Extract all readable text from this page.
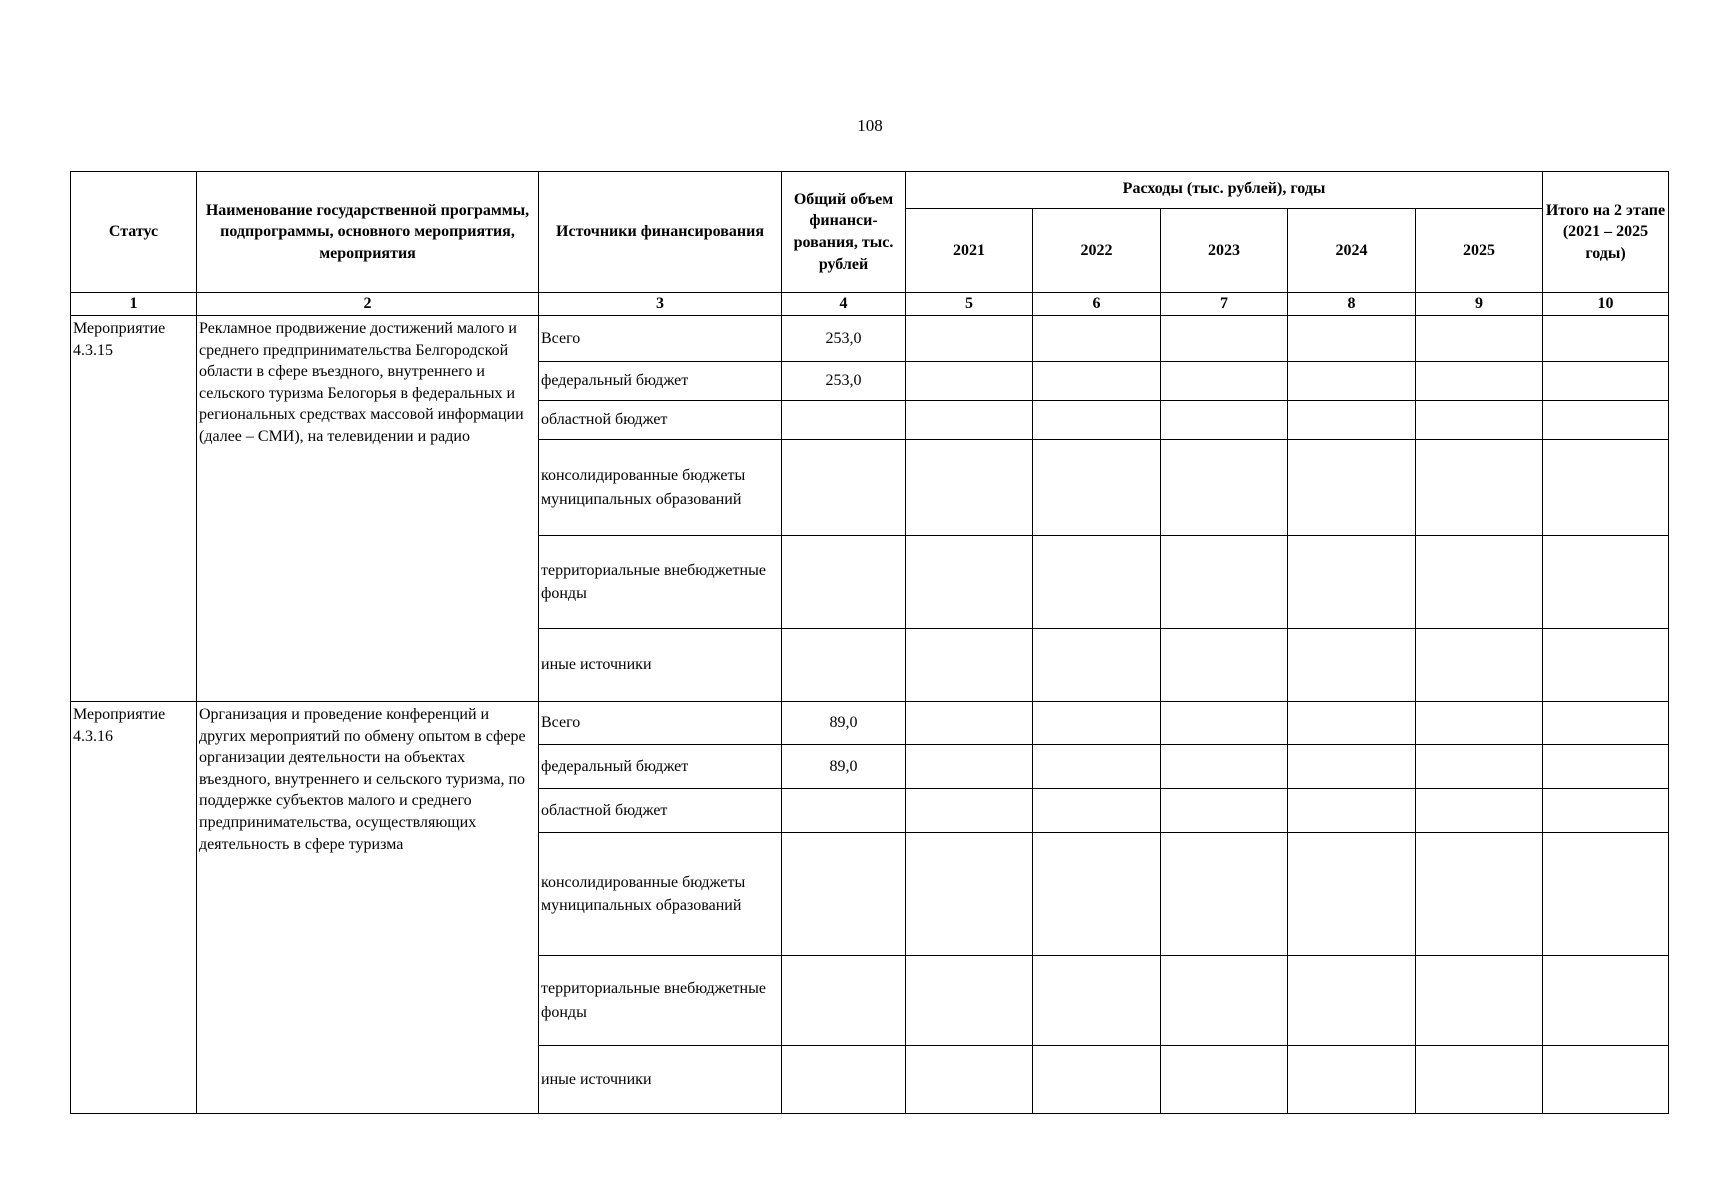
108
Статус	Наименование государственной программы, подпрограммы, основного мероприятия, мероприятия	Источники финансирования	Общий объем финанси-рования, тыс. рублей	Расходы (тыс. рублей), годы					Итого на 2 этапе (2021 – 2025 годы)
				2021	2022	2023	2024	2025	
1	2	3	4	5	6	7	8	9	10
Мероприятие 4.3.15	Рекламное продвижение достижений малого и среднего предпринимательства Белгородской области в сфере въездного, внутреннего и сельского туризма Белогорья в федеральных и региональных средствах массовой информации (далее – СМИ), на телевидении и радио	Всего	253,0						
		федеральный бюджет	253,0						
		областной бюджет							
		консолидированные бюджеты муниципальных образований							
		территориальные внебюджетные фонды							
		иные источники							
Мероприятие 4.3.16	Организация и проведение конференций и других мероприятий по обмену опытом в сфере организации деятельности на объектах въездного, внутреннего и сельского туризма, по поддержке субъектов малого и среднего предпринимательства, осуществляющих деятельность в сфере туризма	Всего	89,0						
		федеральный бюджет	89,0						
		областной бюджет							
		консолидированные бюджеты муниципальных образований							
		территориальные внебюджетные фонды							
		иные источники							
